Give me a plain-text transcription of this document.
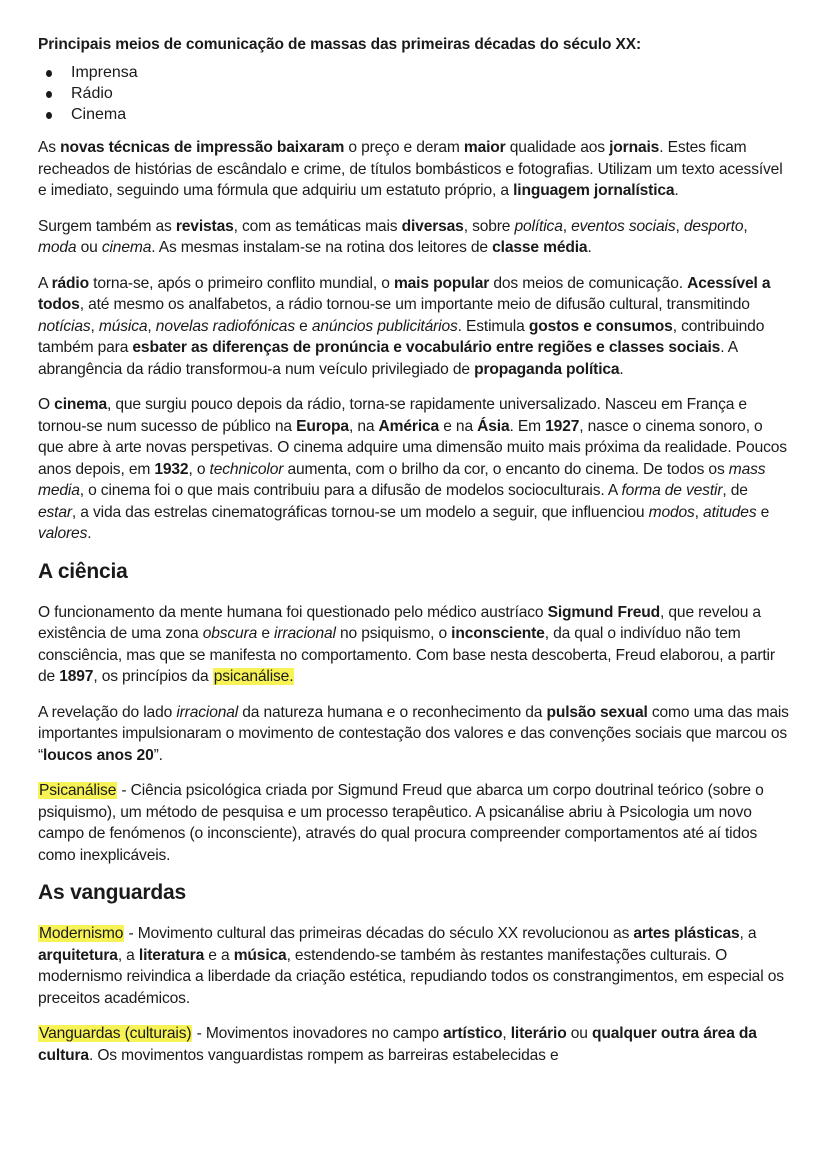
Principais meios de comunicação de massas das primeiras décadas do século XX:
Imprensa
Rádio
Cinema

As novas técnicas de impressão baixaram o preço e deram maior qualidade aos jornais. Estes ficam recheados de histórias de escândalo e crime, de títulos bombásticos e fotografias. Utilizam um texto acessível e imediato, seguindo uma fórmula que adquiriu um estatuto próprio, a linguagem jornalística.

Surgem também as revistas, com as temáticas mais diversas, sobre política, eventos sociais, desporto, moda ou cinema. As mesmas instalam-se na rotina dos leitores de classe média.

A rádio torna-se, após o primeiro conflito mundial, o mais popular dos meios de comunicação. Acessível a todos, até mesmo os analfabetos, a rádio tornou-se um importante meio de difusão cultural, transmitindo notícias, música, novelas radiofónicas e anúncios publicitários. Estimula gostos e consumos, contribuindo também para esbater as diferenças de pronúncia e vocabulário entre regiões e classes sociais. A abrangência da rádio transformou-a num veículo privilegiado de propaganda política.

O cinema, que surgiu pouco depois da rádio, torna-se rapidamente universalizado. Nasceu em França e tornou-se num sucesso de público na Europa, na América e na Ásia. Em 1927, nasce o cinema sonoro, o que abre à arte novas perspetivas. O cinema adquire uma dimensão muito mais próxima da realidade. Poucos anos depois, em 1932, o technicolor aumenta, com o brilho da cor, o encanto do cinema. De todos os mass media, o cinema foi o que mais contribuiu para a difusão de modelos socioculturais. A forma de vestir, de estar, a vida das estrelas cinematográficas tornou-se um modelo a seguir, que influenciou modos, atitudes e valores.

A ciência

O funcionamento da mente humana foi questionado pelo médico austríaco Sigmund Freud, que revelou a existência de uma zona obscura e irracional no psiquismo, o inconsciente, da qual o indivíduo não tem consciência, mas que se manifesta no comportamento. Com base nesta descoberta, Freud elaborou, a partir de 1897, os princípios da psicanálise.

A revelação do lado irracional da natureza humana e o reconhecimento da pulsão sexual como uma das mais importantes impulsionaram o movimento de contestação dos valores e das convenções sociais que marcou os “loucos anos 20”.

Psicanálise - Ciência psicológica criada por Sigmund Freud que abarca um corpo doutrinal teórico (sobre o psiquismo), um método de pesquisa e um processo terapêutico. A psicanálise abriu à Psicologia um novo campo de fenómenos (o inconsciente), através do qual procura compreender comportamentos até aí tidos como inexplicáveis.

As vanguardas

Modernismo - Movimento cultural das primeiras décadas do século XX revolucionou as artes plásticas, a arquitetura, a literatura e a música, estendendo-se também às restantes manifestações culturais. O modernismo reivindica a liberdade da criação estética, repudiando todos os constrangimentos, em especial os preceitos académicos.

Vanguardas (culturais) - Movimentos inovadores no campo artístico, literário ou qualquer outra área da cultura. Os movimentos vanguardistas rompem as barreiras estabelecidas e
